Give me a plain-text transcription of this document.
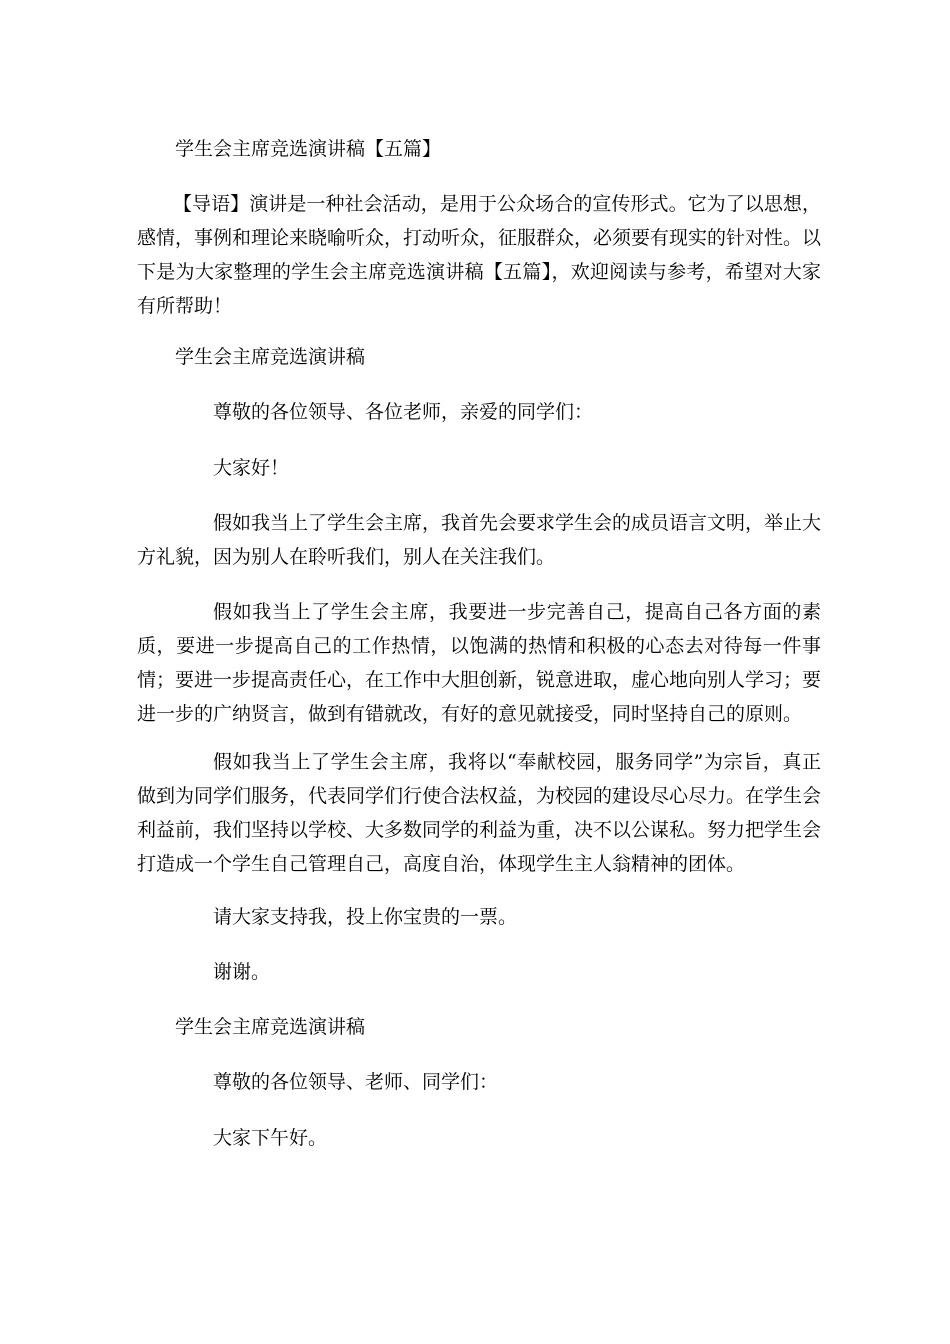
学生会主席竞选演讲稿【五篇】

【导语】演讲是一种社会活动，是用于公众场合的宣传形式。它为了以思想，感情，事例和理论来晓喻听众，打动听众，征服群众，必须要有现实的针对性。以下是为大家整理的学生会主席竞选演讲稿【五篇】，欢迎阅读与参考，希望对大家有所帮助！

学生会主席竞选演讲稿

尊敬的各位领导、各位老师，亲爱的同学们：

大家好！

假如我当上了学生会主席，我首先会要求学生会的成员语言文明，举止大方礼貌，因为别人在聆听我们，别人在关注我们。

假如我当上了学生会主席，我要进一步完善自己，提高自己各方面的素质，要进一步提高自己的工作热情，以饱满的热情和积极的心态去对待每一件事情；要进一步提高责任心，在工作中大胆创新，锐意进取，虚心地向别人学习；要进一步的广纳贤言，做到有错就改，有好的意见就接受，同时坚持自己的原则。

假如我当上了学生会主席，我将以“奉献校园，服务同学”为宗旨，真正做到为同学们服务，代表同学们行使合法权益，为校园的建设尽心尽力。在学生会利益前，我们坚持以学校、大多数同学的利益为重，决不以公谋私。努力把学生会打造成一个学生自己管理自己，高度自治，体现学生主人翁精神的团体。

请大家支持我，投上你宝贵的一票。

谢谢。

学生会主席竞选演讲稿

尊敬的各位领导、老师、同学们：

大家下午好。
